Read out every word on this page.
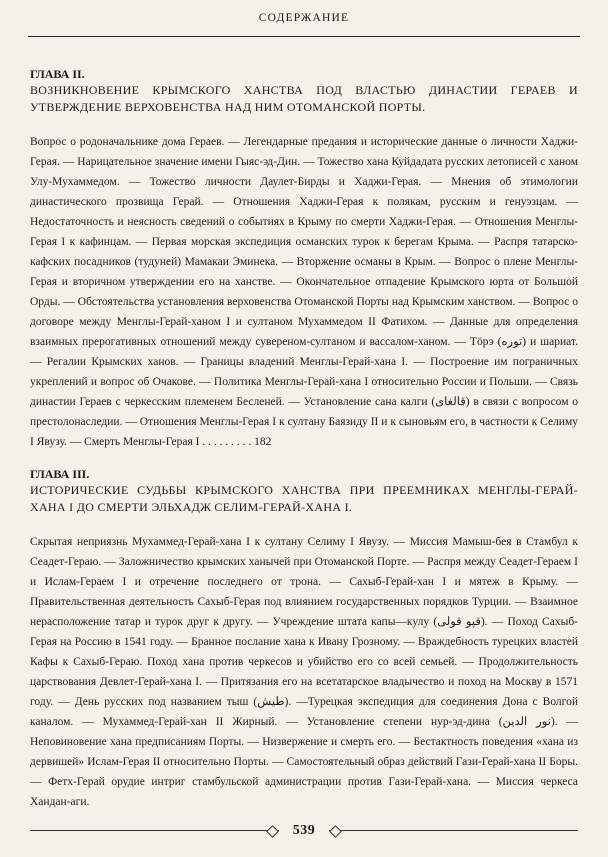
СОДЕРЖАНИЕ
ГЛАВА II.
ВОЗНИКНОВЕНИЕ КРЫМСКОГО ХАНСТВА ПОД ВЛАСТЬЮ ДИНАСТИИ ГЕРАЕВ И УТВЕРЖДЕНИЕ ВЕРХОВЕНСТВА НАД НИМ ОТОМАНСКОЙ ПОРТЫ.

Вопрос о родоначальнике дома Гераев. — Легендарные предания и исторические данные о личности Хаджи-Герая. — Нарицательное значение имени Гыяс-эд-Дин. — Тожество хана Куйдадата русских летописей с ханом Улу-Мухаммедом. — Тожество личности Даулет-Бирды и Хаджи-Герая. — Мнения об этимологии династического прозвища Герай. — Отношения Хаджи-Герая к полякам, русским и генуэзцам. — Недостаточность и неясность сведений о событиях в Крыму по смерти Хаджи-Герая. — Отношения Менглы-Герая I к кафинцам. — Первая морская экспедиция османских турок к берегам Крыма. — Распря татарско-кафских посадников (тудуней) Мамакаи Эминека. — Вторжение османы в Крым. — Вопрос о плене Менглы-Герая и вторичном утверждении его на ханстве. — Окончательное отпадение Крымского юрта от Большой Орды. — Обстоятельства установления верховенства Отоманской Порты над Крымским ханством. — Вопрос о договоре между Менглы-Герай-ханом I и султаном Мухаммедом II Фатихом. — Данные для определения взаимных прерогативных отношений между сувереном-султаном и вассалом-ханом. — Тӧрэ (توره) и шариат. — Регалии Крымских ханов. — Границы владений Менглы-Герай-хана I. — Построение им пограничных укреплений и вопрос об Очакове. — Политика Менглы-Герай-хана I относительно России и Польши. — Связь династии Гераев с черкесским племенем Бесленей. — Установление сана калги (قالغاى) в связи с вопросом о престолонаследии. — Отношения Менглы-Герая I к султану Баязиду II и к сыновьям его, в частности к Селиму I Явузу. — Смерть Менглы-Герая I . . . . . . . . . 182

ГЛАВА III.
ИСТОРИЧЕСКИЕ СУДЬБЫ КРЫМСКОГО ХАНСТВА ПРИ ПРЕЕМНИКАХ МЕНГЛЫ-ГЕРАЙ-ХАНА I ДО СМЕРТИ ЭЛЬХАДЖ СЕЛИМ-ГЕРАЙ-ХАНА I.

Скрытая неприязнь Мухаммед-Герай-хана I к султану Селиму I Явузу. — Миссия Мамыш-бея в Стамбул к Сеадет-Гераю. — Заложничество крымских ханычей при Отоманской Порте. — Распря между Сеадет-Гераем I и Ислам-Гераем I и отречение последнего от трона. — Сахыб-Герай-хан I и мятеж в Крыму. — Правительственная деятельность Сахыб-Герая под влиянием государственных порядков Турции. — Взаимное нерасположение татар и турок друг к другу. — Учреждение штата капы—кулу (قپو قولى). — Поход Сахыб-Герая на Россию в 1541 году. — Бранное послание хана к Ивану Грозному. — Враждебность турецких властей Кафы к Сахыб-Гераю. Поход хана против черкесов и убийство его со всей семьей. — Продолжительность царствования Девлет-Герай-хана I. — Притязания его на всетатарское владычество и поход на Москву в 1571 году. — День русских под названием тыш (طيش). —Турецкая экспедиция для соединения Дона с Волгой каналом. — Мухаммед-Герай-хан II Жирный. — Установление степени нур-эд-дина (نور الدين). —Неповиновение хана предписаниям Порты. — Низвержение и смерть его. — Бестактность поведения «хана из дервишей» Ислам-Герая II относительно Порты. — Самостоятельный образ действий Гази-Герай-хана II Боры. — Фетх-Герай орудие интриг стамбульской администрации против Гази-Герай-хана. — Миссия черкеса Хандан-аги.

539
